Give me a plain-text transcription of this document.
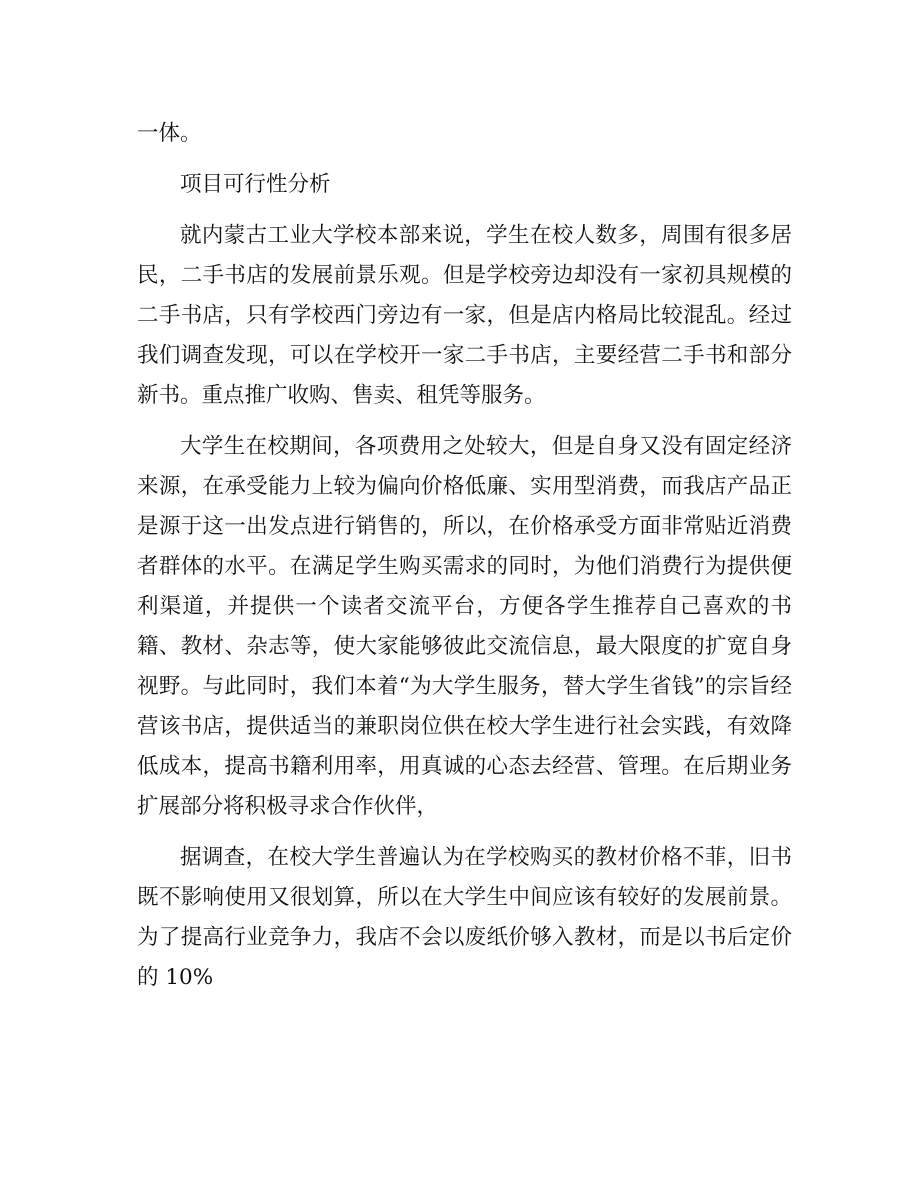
一体。

项目可行性分析

就内蒙古工业大学校本部来说，学生在校人数多，周围有很多居民，二手书店的发展前景乐观。但是学校旁边却没有一家初具规模的二手书店，只有学校西门旁边有一家，但是店内格局比较混乱。经过我们调查发现，可以在学校开一家二手书店，主要经营二手书和部分新书。重点推广收购、售卖、租凭等服务。

大学生在校期间，各项费用之处较大，但是自身又没有固定经济来源，在承受能力上较为偏向价格低廉、实用型消费，而我店产品正是源于这一出发点进行销售的，所以，在价格承受方面非常贴近消费者群体的水平。在满足学生购买需求的同时，为他们消费行为提供便利渠道，并提供一个读者交流平台，方便各学生推荐自己喜欢的书籍、教材、杂志等，使大家能够彼此交流信息，最大限度的扩宽自身视野。与此同时，我们本着“为大学生服务，替大学生省钱”的宗旨经营该书店，提供适当的兼职岗位供在校大学生进行社会实践，有效降低成本，提高书籍利用率，用真诚的心态去经营、管理。在后期业务扩展部分将积极寻求合作伙伴，

据调查，在校大学生普遍认为在学校购买的教材价格不菲，旧书既不影响使用又很划算，所以在大学生中间应该有较好的发展前景。为了提高行业竞争力，我店不会以废纸价够入教材，而是以书后定价的 10%
